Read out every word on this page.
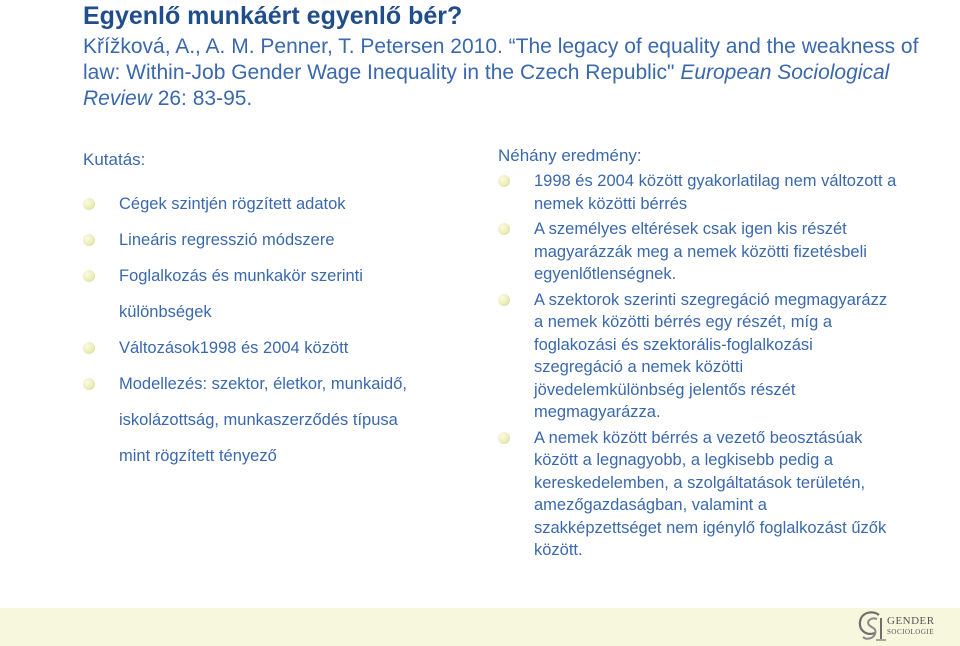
Egyenlő munkáért egyenlő bér?
Křížková, A., A. M. Penner, T. Petersen 2010. “The legacy of equality and the weakness of law: Within-Job Gender Wage Inequality in the Czech Republic" European Sociological Review 26: 83-95.
Kutatás:
Cégek szintjén rögzített adatok
Lineáris regresszió módszere
Foglalkozás és munkakör szerinti
különbségek
Változások1998 és 2004 között
Modellezés: szektor, életkor, munkaidő,
iskolázottság, munkaszerződés típusa
mint rögzített tényező
Néhány eredmény:
1998 és 2004 között gyakorlatilag nem változott a nemek közötti bérrés
A személyes eltérések csak igen kis részét magyarázzák meg a nemek közötti fizetésbeli egyenlőtlenségnek.
A szektorok szerinti szegregáció megmagyarázz a nemek közötti bérrés egy részét, míg a foglakozási és szektorális-foglalkozási szegregáció a nemek közötti jövedelemkülönbség jelentős részét megmagyarázza.
A nemek között bérrés a vezető beosztásúak között a legnagyobb, a legkisebb pedig a kereskedelemben, a szolgáltatások területén, amezőgazdaságban, valamint a szakképzettséget nem igénylő foglalkozást űzők között.
GENDER
SOCIOLOGIE
